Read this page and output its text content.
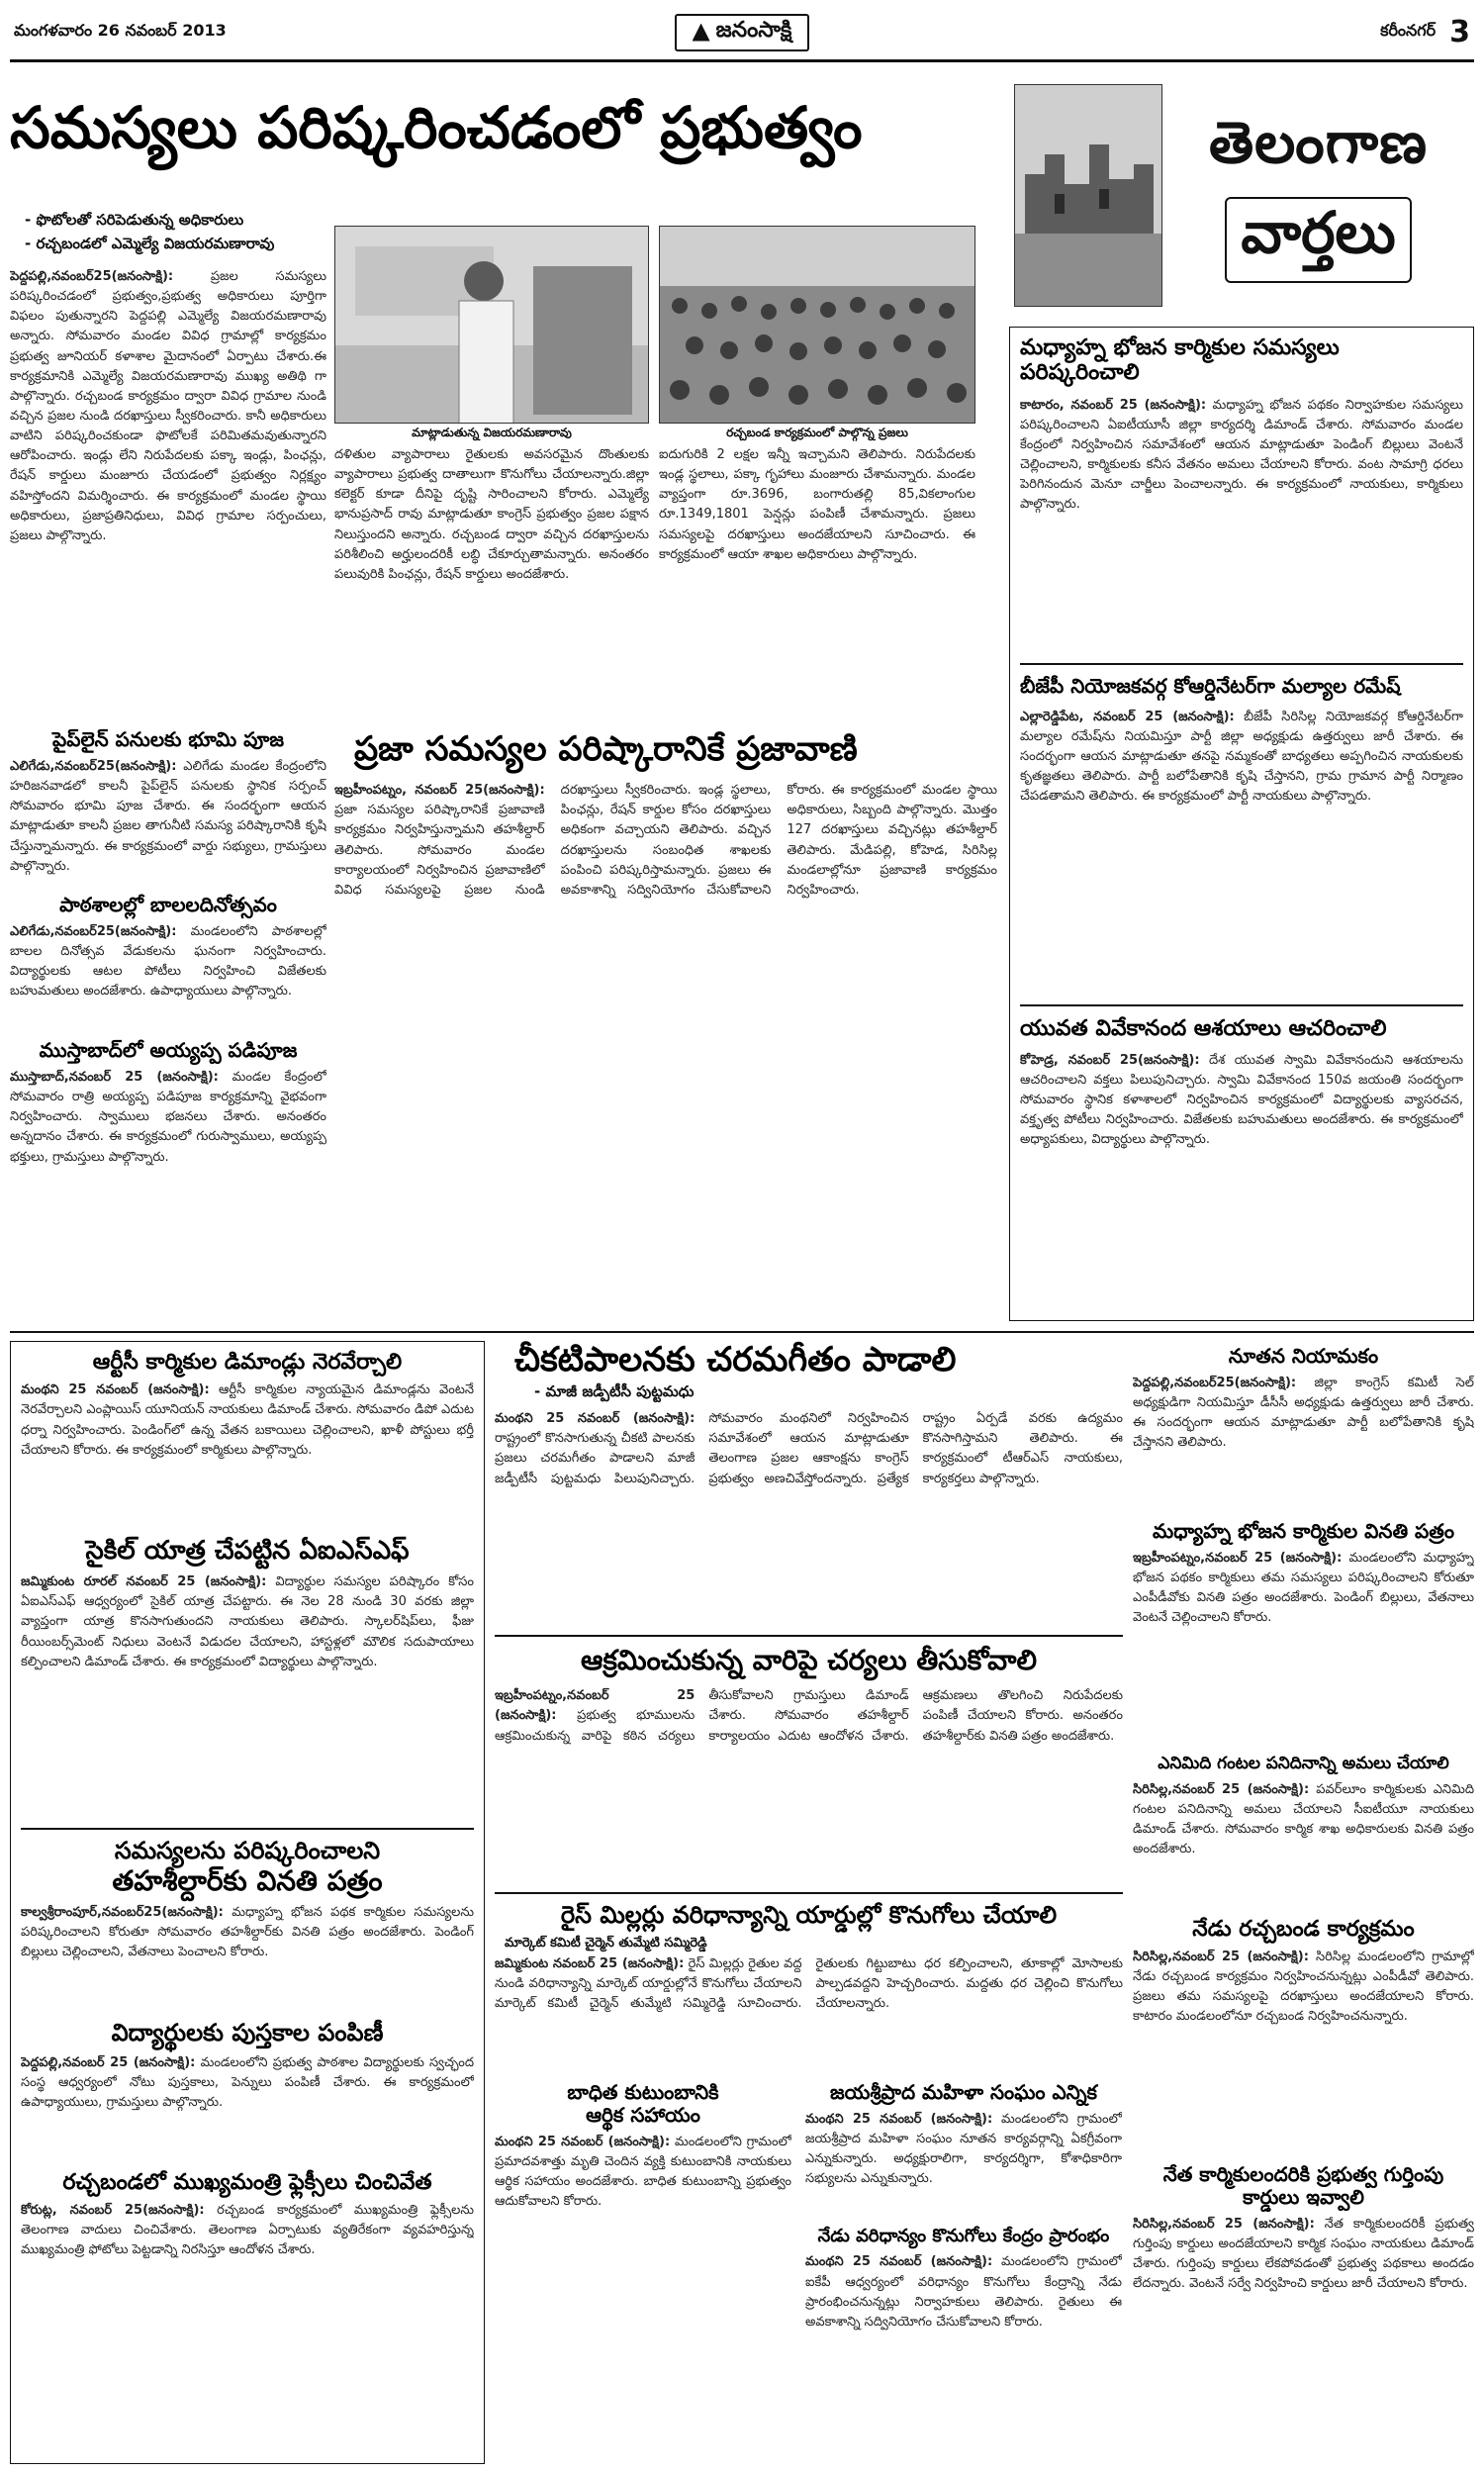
మంగళవారం 26 నవంబర్ 2013	జనంసాక్షి	కరీంనగర్ 3
సమస్యలు పరిష్కరించడంలో ప్రభుత్వం
- ఫొటోలతో సరిపెడుతున్న అధికారులు
- రచ్చబండలో ఎమ్మెల్యే విజయరమణారావు
పెద్దపల్లి,నవంబర్25(జనంసాక్షి):	ప్రజల సమస్యలు పరిష్కరించడంలో ప్రభుత్వం,ప్రభుత్వ అధికారులు పూర్తిగా విఫలం పుతున్నారని పెద్దపల్లి ఎమ్మెల్యే విజయరమణారావు అన్నారు. సోమవారం మండల వివిధ గ్రామాల్లో కార్యక్రమం ప్రభుత్వ జూనియర్ కళాశాల మైదానంలో ఏర్పాటు చేశారు.ఈ కార్యక్రమానికి ఎమ్మెల్యే విజయరమణారావు ముఖ్య అతిథి గా పాల్గొన్నారు. రచ్చబండ కార్యక్రమం ద్వారా వివిధ గ్రామాల నుండి వచ్చిన ప్రజల నుండి దరఖాస్తులు స్వీకరించారు. కానీ అధికారులు వాటిని పరిష్కరించకుండా ఫొటోలకే పరిమితమవుతున్నారని ఆరోపించారు. ఇండ్లు లేని నిరుపేదలకు పక్కా ఇండ్లు, పింఛన్లు, రేషన్ కార్డులు మంజూరు చేయడంలో ప్రభుత్వం నిర్లక్ష్యం వహిస్తోందని విమర్శించారు. ఈ కార్యక్రమంలో మండల స్థాయి అధికారులు, ప్రజాప్రతినిధులు, వివిధ గ్రామాల సర్పంచులు, ప్రజలు పాల్గొన్నారు.
మాట్లాడుతున్న విజయరమణారావు	రచ్చబండ కార్యక్రమంలో పాల్గొన్న ప్రజలు
దళితుల వ్యాపారాలు రైతులకు అవసరమైన దొంతులకు వ్యాపారాలు ప్రభుత్వ దాతాలుగా కొనుగోలు చేయాలన్నారు.జిల్లా కలెక్టర్ కూడా దీనిపై దృష్టి సారించాలని కోరారు. ఎమ్మెల్యే భానుప్రసాద్ రావు మాట్లాడుతూ కాంగ్రెస్ ప్రభుత్వం ప్రజల పక్షాన నిలుస్తుందని అన్నారు. రచ్చబండ ద్వారా వచ్చిన దరఖాస్తులను పరిశీలించి అర్హులందరికీ లబ్ధి చేకూర్చుతామన్నారు. అనంతరం పలువురికి పింఛన్లు, రేషన్ కార్డులు అందజేశారు.
ఐదుగురికి 2 లక్షల ఇన్నీ ఇచ్చామని తెలిపారు. నిరుపేదలకు ఇండ్ల స్థలాలు, పక్కా గృహాలు మంజూరు చేశామన్నారు. మండల వ్యాప్తంగా రూ.3696, బంగారుతల్లి 85,వికలాంగుల రూ.1349,1801 పెన్షన్లు పంపిణీ చేశామన్నారు. ప్రజలు సమస్యలపై దరఖాస్తులు అందజేయాలని సూచించారు. ఈ కార్యక్రమంలో ఆయా శాఖల అధికారులు పాల్గొన్నారు.
తెలంగాణ
వార్తలు
మధ్యాహ్న భోజన కార్మికుల సమస్యలు పరిష్కరించాలి
కాటారం, నవంబర్ 25 (జనంసాక్షి): మధ్యాహ్న భోజన పథకం నిర్వాహకుల సమస్యలు పరిష్కరించాలని ఏఐటీయూసీ జిల్లా కార్యదర్శి డిమాండ్ చేశారు. సోమవారం మండల కేంద్రంలో నిర్వహించిన సమావేశంలో ఆయన మాట్లాడుతూ పెండింగ్ బిల్లులు వెంటనే చెల్లించాలని, కార్మికులకు కనీస వేతనం అమలు చేయాలని కోరారు. వంట సామాగ్రి ధరలు పెరిగినందున మెనూ చార్జీలు పెంచాలన్నారు. ఈ కార్యక్రమంలో నాయకులు, కార్మికులు పాల్గొన్నారు.
బీజేపీ నియోజకవర్గ కోఆర్డినేటర్‌గా మల్యాల రమేష్
ఎల్లారెడ్డిపేట, నవంబర్ 25 (జనంసాక్షి): బీజేపీ సిరిసిల్ల నియోజకవర్గ కోఆర్డినేటర్‌గా మల్యాల రమేష్‌ను నియమిస్తూ పార్టీ జిల్లా అధ్యక్షుడు ఉత్తర్వులు జారీ చేశారు. ఈ సందర్భంగా ఆయన మాట్లాడుతూ తనపై నమ్మకంతో బాధ్యతలు అప్పగించిన నాయకులకు కృతజ్ఞతలు తెలిపారు. పార్టీ బలోపేతానికి కృషి చేస్తానని, గ్రామ గ్రామాన పార్టీ నిర్మాణం చేపడతామని తెలిపారు. ఈ కార్యక్రమంలో పార్టీ నాయకులు పాల్గొన్నారు.
యువత వివేకానంద ఆశయాలు ఆచరించాలి
కోహెడ్ర, నవంబర్ 25(జనంసాక్షి): దేశ యువత స్వామి వివేకానందుని ఆశయాలను ఆచరించాలని వక్తలు పిలుపునిచ్చారు. స్వామి వివేకానంద 150వ జయంతి సందర్భంగా సోమవారం స్థానిక కళాశాలలో నిర్వహించిన కార్యక్రమంలో విద్యార్థులకు వ్యాసరచన, వక్తృత్వ పోటీలు నిర్వహించారు. విజేతలకు బహుమతులు అందజేశారు. ఈ కార్యక్రమంలో అధ్యాపకులు, విద్యార్థులు పాల్గొన్నారు.
పైప్‌లైన్ పనులకు భూమి పూజ
ఎలిగేడు,నవంబర్25(జనంసాక్షి): ఎలిగేడు మండల కేంద్రంలోని హరిజనవాడలో కాలనీ పైప్‌లైన్ పనులకు స్థానిక సర్పంచ్ సోమవారం భూమి పూజ చేశారు. ఈ సందర్భంగా ఆయన మాట్లాడుతూ కాలనీ ప్రజల తాగునీటి సమస్య పరిష్కారానికి కృషి చేస్తున్నామన్నారు. ఈ కార్యక్రమంలో వార్డు సభ్యులు, గ్రామస్తులు పాల్గొన్నారు.
పాఠశాలల్లో బాలలదినోత్సవం
ఎలిగేడు,నవంబర్25(జనంసాక్షి): మండలంలోని పాఠశాలల్లో బాలల దినోత్సవ వేడుకలను ఘనంగా నిర్వహించారు. విద్యార్థులకు ఆటల పోటీలు నిర్వహించి విజేతలకు బహుమతులు అందజేశారు. ఉపాధ్యాయులు పాల్గొన్నారు.
ముస్తాబాద్‌లో అయ్యప్ప పడిపూజ
ముస్తాబాద్,నవంబర్ 25 (జనంసాక్షి): మండల కేంద్రంలో సోమవారం రాత్రి అయ్యప్ప పడిపూజ కార్యక్రమాన్ని వైభవంగా నిర్వహించారు. స్వాములు భజనలు చేశారు. అనంతరం అన్నదానం చేశారు. ఈ కార్యక్రమంలో గురుస్వాములు, అయ్యప్ప భక్తులు, గ్రామస్తులు పాల్గొన్నారు.
ప్రజా సమస్యల పరిష్కారానికే ప్రజావాణి
ఇబ్రహీంపట్నం, నవంబర్ 25(జనంసాక్షి): ప్రజా సమస్యల పరిష్కారానికే ప్రజావాణి కార్యక్రమం నిర్వహిస్తున్నామని తహశీల్దార్ తెలిపారు. సోమవారం మండల కార్యాలయంలో నిర్వహించిన ప్రజావాణిలో వివిధ సమస్యలపై ప్రజల నుండి దరఖాస్తులు స్వీకరించారు. ఇండ్ల స్థలాలు, పింఛన్లు, రేషన్ కార్డుల కోసం దరఖాస్తులు అధికంగా వచ్చాయని తెలిపారు. వచ్చిన దరఖాస్తులను సంబంధిత శాఖలకు పంపించి పరిష్కరిస్తామన్నారు. ప్రజలు ఈ అవకాశాన్ని సద్వినియోగం చేసుకోవాలని కోరారు. ఈ కార్యక్రమంలో మండల స్థాయి అధికారులు, సిబ్బంది పాల్గొన్నారు. మొత్తం 127 దరఖాస్తులు వచ్చినట్లు తహశీల్దార్ తెలిపారు. మేడిపల్లి, కోహెడ, సిరిసిల్ల మండలాల్లోనూ ప్రజావాణి కార్యక్రమం నిర్వహించారు.
ఆర్టీసీ కార్మికుల డిమాండ్లు నెరవేర్చాలి
మంథని 25 నవంబర్ (జనంసాక్షి): ఆర్టీసీ కార్మికుల న్యాయమైన డిమాండ్లను వెంటనే నెరవేర్చాలని ఎంప్లాయిస్ యూనియన్ నాయకులు డిమాండ్ చేశారు. సోమవారం డిపో ఎదుట ధర్నా నిర్వహించారు. పెండింగ్‌లో ఉన్న వేతన బకాయిలు చెల్లించాలని, ఖాళీ పోస్టులు భర్తీ చేయాలని కోరారు. ఈ కార్యక్రమంలో కార్మికులు పాల్గొన్నారు.
సైకిల్ యాత్ర చేపట్టిన ఏఐఎస్ఎఫ్
జమ్మికుంట రూరల్ నవంబర్ 25 (జనంసాక్షి): విద్యార్థుల సమస్యల పరిష్కారం కోసం ఏఐఎస్ఎఫ్ ఆధ్వర్యంలో సైకిల్ యాత్ర చేపట్టారు. ఈ నెల 28 నుండి 30 వరకు జిల్లా వ్యాప్తంగా యాత్ర కొనసాగుతుందని నాయకులు తెలిపారు. స్కాలర్‌షిప్‌లు, ఫీజు రీయింబర్స్‌మెంట్ నిధులు వెంటనే విడుదల చేయాలని, హాస్టళ్లలో మౌలిక సదుపాయాలు కల్పించాలని డిమాండ్ చేశారు. ఈ కార్యక్రమంలో విద్యార్థులు పాల్గొన్నారు.
సమస్యలను పరిష్కరించాలని
తహశీల్దార్‌కు వినతి పత్రం
కాల్వశ్రీరాంపూర్,నవంబర్25(జనంసాక్షి): మధ్యాహ్న భోజన పథక కార్మికుల సమస్యలను పరిష్కరించాలని కోరుతూ సోమవారం తహశీల్దార్‌కు వినతి పత్రం అందజేశారు. పెండింగ్ బిల్లులు చెల్లించాలని, వేతనాలు పెంచాలని కోరారు.
విద్యార్థులకు పుస్తకాల పంపిణీ
పెద్దపల్లి,నవంబర్ 25 (జనంసాక్షి): మండలంలోని ప్రభుత్వ పాఠశాల విద్యార్థులకు స్వచ్ఛంద సంస్థ ఆధ్వర్యంలో నోటు పుస్తకాలు, పెన్నులు పంపిణీ చేశారు. ఈ కార్యక్రమంలో ఉపాధ్యాయులు, గ్రామస్తులు పాల్గొన్నారు.
రచ్చబండలో ముఖ్యమంత్రి ఫ్లెక్సీలు చించివేత
కోరుట్ల, నవంబర్ 25(జనంసాక్షి): రచ్చబండ కార్యక్రమంలో ముఖ్యమంత్రి ఫ్లెక్సీలను తెలంగాణ వాదులు చించివేశారు. తెలంగాణ ఏర్పాటుకు వ్యతిరేకంగా వ్యవహరిస్తున్న ముఖ్యమంత్రి ఫోటోలు పెట్టడాన్ని నిరసిస్తూ ఆందోళన చేశారు.
చీకటిపాలనకు చరమగీతం పాడాలి
- మాజీ జడ్పీటీసీ పుట్టమధు
మంథని 25 నవంబర్ (జనంసాక్షి): రాష్ట్రంలో కొనసాగుతున్న చీకటి పాలనకు ప్రజలు చరమగీతం పాడాలని మాజీ జడ్పీటీసీ పుట్టమధు పిలుపునిచ్చారు. సోమవారం మంథనిలో నిర్వహించిన సమావేశంలో ఆయన మాట్లాడుతూ తెలంగాణ ప్రజల ఆకాంక్షను కాంగ్రెస్ ప్రభుత్వం అణచివేస్తోందన్నారు. ప్రత్యేక రాష్ట్రం ఏర్పడే వరకు ఉద్యమం కొనసాగిస్తామని తెలిపారు. ఈ కార్యక్రమంలో టీఆర్ఎస్ నాయకులు, కార్యకర్తలు పాల్గొన్నారు.
ఆక్రమించుకున్న వారిపై చర్యలు తీసుకోవాలి
ఇబ్రహీంపట్నం,నవంబర్ 25 (జనంసాక్షి): ప్రభుత్వ భూములను ఆక్రమించుకున్న వారిపై కఠిన చర్యలు తీసుకోవాలని గ్రామస్తులు డిమాండ్ చేశారు. సోమవారం తహశీల్దార్ కార్యాలయం ఎదుట ఆందోళన చేశారు. ఆక్రమణలు తొలగించి నిరుపేదలకు పంపిణీ చేయాలని కోరారు. అనంతరం తహశీల్దార్‌కు వినతి పత్రం అందజేశారు.
రైస్ మిల్లర్లు వరిధాన్యాన్ని యార్డుల్లో కొనుగోలు చేయాలి
మార్కెట్ కమిటీ చైర్మెన్ తుమ్మేటి సమ్మిరెడ్డి
జమ్మికుంట నవంబర్ 25 (జనంసాక్షి): రైస్ మిల్లర్లు రైతుల వద్ద నుండి వరిధాన్యాన్ని మార్కెట్ యార్డుల్లోనే కొనుగోలు చేయాలని మార్కెట్ కమిటీ చైర్మెన్ తుమ్మేటి సమ్మిరెడ్డి సూచించారు. రైతులకు గిట్టుబాటు ధర కల్పించాలని, తూకాల్లో మోసాలకు పాల్పడవద్దని హెచ్చరించారు. మద్దతు ధర చెల్లించి కొనుగోలు చేయాలన్నారు.
బాధిత కుటుంబానికి
ఆర్థిక సహాయం
మంథని 25 నవంబర్ (జనంసాక్షి): మండలంలోని గ్రామంలో ప్రమాదవశాత్తు మృతి చెందిన వ్యక్తి కుటుంబానికి నాయకులు ఆర్థిక సహాయం అందజేశారు. బాధిత కుటుంబాన్ని ప్రభుత్వం ఆదుకోవాలని కోరారు.
జయశ్రీప్రాద మహిళా సంఘం ఎన్నిక
మంథని 25 నవంబర్ (జనంసాక్షి): మండలంలోని గ్రామంలో జయశ్రీప్రాద మహిళా సంఘం నూతన కార్యవర్గాన్ని ఏకగ్రీవంగా ఎన్నుకున్నారు. అధ్యక్షురాలిగా, కార్యదర్శిగా, కోశాధికారిగా సభ్యులను ఎన్నుకున్నారు.
నేడు వరిధాన్యం కొనుగోలు కేంద్రం ప్రారంభం
మంథని 25 నవంబర్ (జనంసాక్షి): మండలంలోని గ్రామంలో ఐకేపీ ఆధ్వర్యంలో వరిధాన్యం కొనుగోలు కేంద్రాన్ని నేడు ప్రారంభించనున్నట్లు నిర్వాహకులు తెలిపారు. రైతులు ఈ అవకాశాన్ని సద్వినియోగం చేసుకోవాలని కోరారు.
నూతన నియామకం
పెద్దపల్లి,నవంబర్25(జనంసాక్షి): జిల్లా కాంగ్రెస్ కమిటీ సెల్ అధ్యక్షుడిగా నియమిస్తూ డీసీసీ అధ్యక్షుడు ఉత్తర్వులు జారీ చేశారు. ఈ సందర్భంగా ఆయన మాట్లాడుతూ పార్టీ బలోపేతానికి కృషి చేస్తానని తెలిపారు.
మధ్యాహ్న భోజన కార్మికుల వినతి పత్రం
ఇబ్రహీంపట్నం,నవంబర్ 25 (జనంసాక్షి): మండలంలోని మధ్యాహ్న భోజన పథకం కార్మికులు తమ సమస్యలు పరిష్కరించాలని కోరుతూ ఎంపీడీవోకు వినతి పత్రం అందజేశారు. పెండింగ్ బిల్లులు, వేతనాలు వెంటనే చెల్లించాలని కోరారు.
ఎనిమిది గంటల పనిదినాన్ని అమలు చేయాలి
సిరిసిల్ల,నవంబర్ 25 (జనంసాక్షి): పవర్‌లూం కార్మికులకు ఎనిమిది గంటల పనిదినాన్ని అమలు చేయాలని సీఐటీయూ నాయకులు డిమాండ్ చేశారు. సోమవారం కార్మిక శాఖ అధికారులకు వినతి పత్రం అందజేశారు.
నేడు రచ్చబండ కార్యక్రమం
సిరిసిల్ల,నవంబర్ 25 (జనంసాక్షి): సిరిసిల్ల మండలంలోని గ్రామాల్లో నేడు రచ్చబండ కార్యక్రమం నిర్వహించనున్నట్లు ఎంపీడీవో తెలిపారు. ప్రజలు తమ సమస్యలపై దరఖాస్తులు అందజేయాలని కోరారు. కాటారం మండలంలోనూ రచ్చబండ నిర్వహించనున్నారు.
నేత కార్మికులందరికి ప్రభుత్వ గుర్తింపు కార్డులు ఇవ్వాలి
సిరిసిల్ల,నవంబర్ 25 (జనంసాక్షి): నేత కార్మికులందరికీ ప్రభుత్వ గుర్తింపు కార్డులు అందజేయాలని కార్మిక సంఘం నాయకులు డిమాండ్ చేశారు. గుర్తింపు కార్డులు లేకపోవడంతో ప్రభుత్వ పథకాలు అందడం లేదన్నారు. వెంటనే సర్వే నిర్వహించి కార్డులు జారీ చేయాలని కోరారు.
